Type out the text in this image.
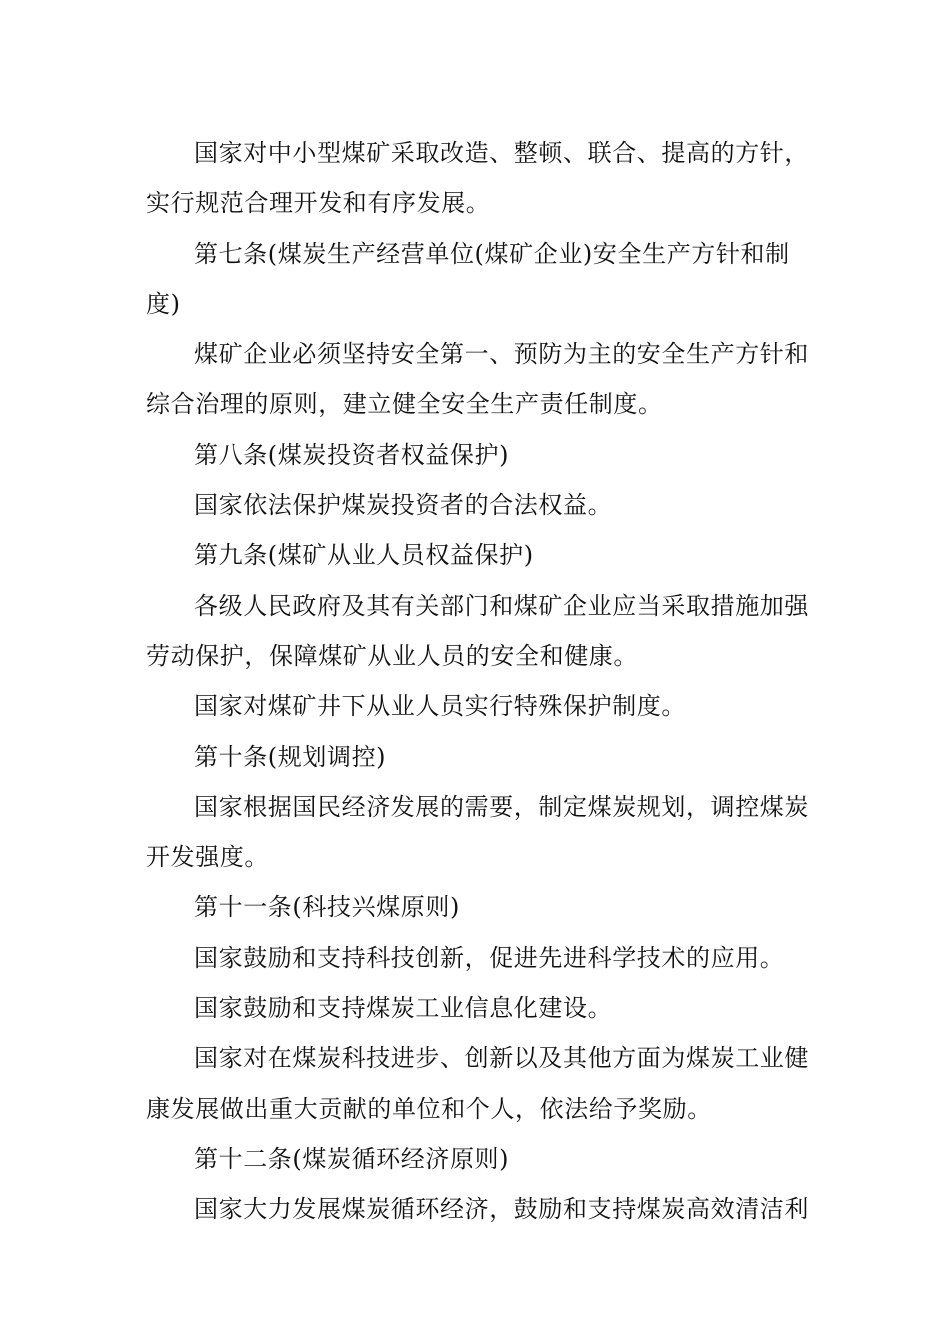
国家对中小型煤矿采取改造、整顿、联合、提高的方针，
实行规范合理开发和有序发展。
第七条(煤炭生产经营单位(煤矿企业)安全生产方针和制
度)
煤矿企业必须坚持安全第一、预防为主的安全生产方针和
综合治理的原则，建立健全安全生产责任制度。
第八条(煤炭投资者权益保护)
国家依法保护煤炭投资者的合法权益。
第九条(煤矿从业人员权益保护)
各级人民政府及其有关部门和煤矿企业应当采取措施加强
劳动保护，保障煤矿从业人员的安全和健康。
国家对煤矿井下从业人员实行特殊保护制度。
第十条(规划调控)
国家根据国民经济发展的需要，制定煤炭规划，调控煤炭
开发强度。
第十一条(科技兴煤原则)
国家鼓励和支持科技创新，促进先进科学技术的应用。
国家鼓励和支持煤炭工业信息化建设。
国家对在煤炭科技进步、创新以及其他方面为煤炭工业健
康发展做出重大贡献的单位和个人，依法给予奖励。
第十二条(煤炭循环经济原则)
国家大力发展煤炭循环经济，鼓励和支持煤炭高效清洁利
